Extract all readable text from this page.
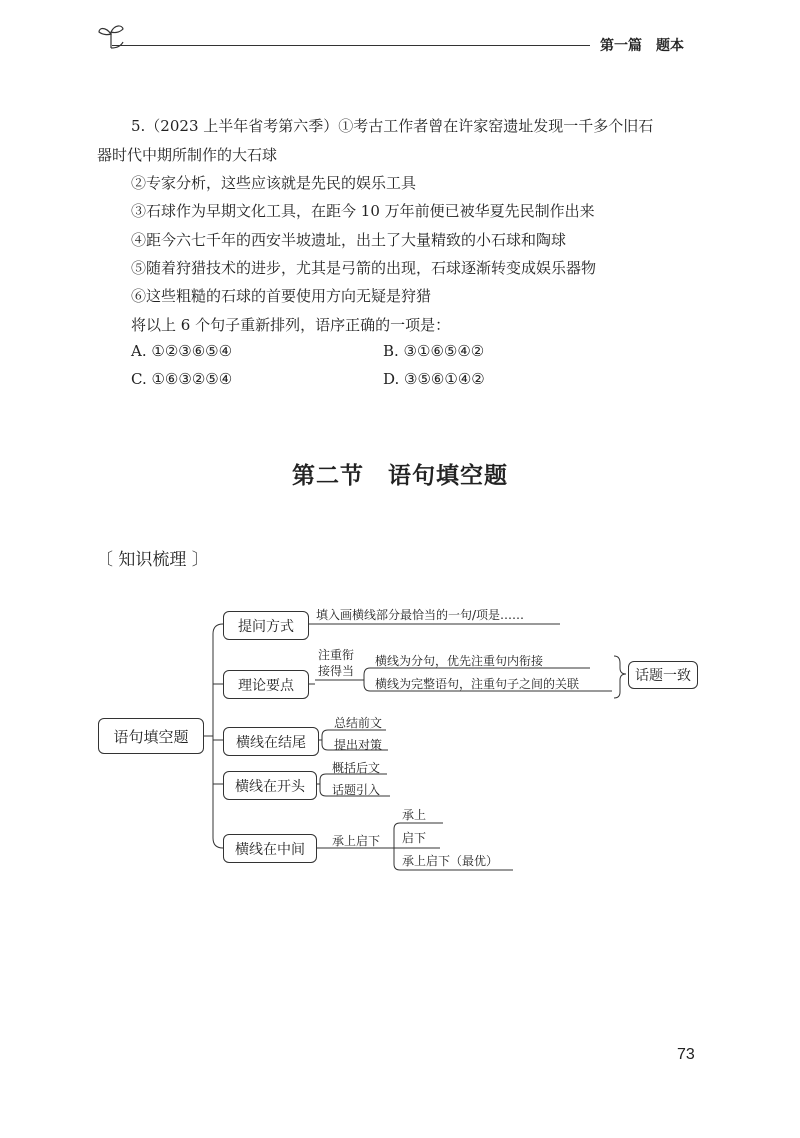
第一篇　题本
5.（2023 上半年省考第六季）①考古工作者曾在许家窑遗址发现一千多个旧石
器时代中期所制作的大石球
②专家分析，这些应该就是先民的娱乐工具
③石球作为早期文化工具，在距今 10 万年前便已被华夏先民制作出来
④距今六七千年的西安半坡遗址，出土了大量精致的小石球和陶球
⑤随着狩猎技术的进步，尤其是弓箭的出现，石球逐渐转变成娱乐器物
⑥这些粗糙的石球的首要使用方向无疑是狩猎
将以上 6 个句子重新排列，语序正确的一项是：
A. ①②③⑥⑤④	B. ③①⑥⑤④②
C. ①⑥③②⑤④	D. ③⑤⑥①④②
第二节　语句填空题
〔 知识梳理 〕
语句填空题
提问方式
填入画横线部分最恰当的一句/项是……
理论要点
注重衔
接得当
横线为分句，优先注重句内衔接
横线为完整语句，注重句子之间的关联	话题一致
横线在结尾
总结前文
提出对策
横线在开头
概括后文
话题引入
横线在中间
承上启下
承上
启下
承上启下（最优）
73
